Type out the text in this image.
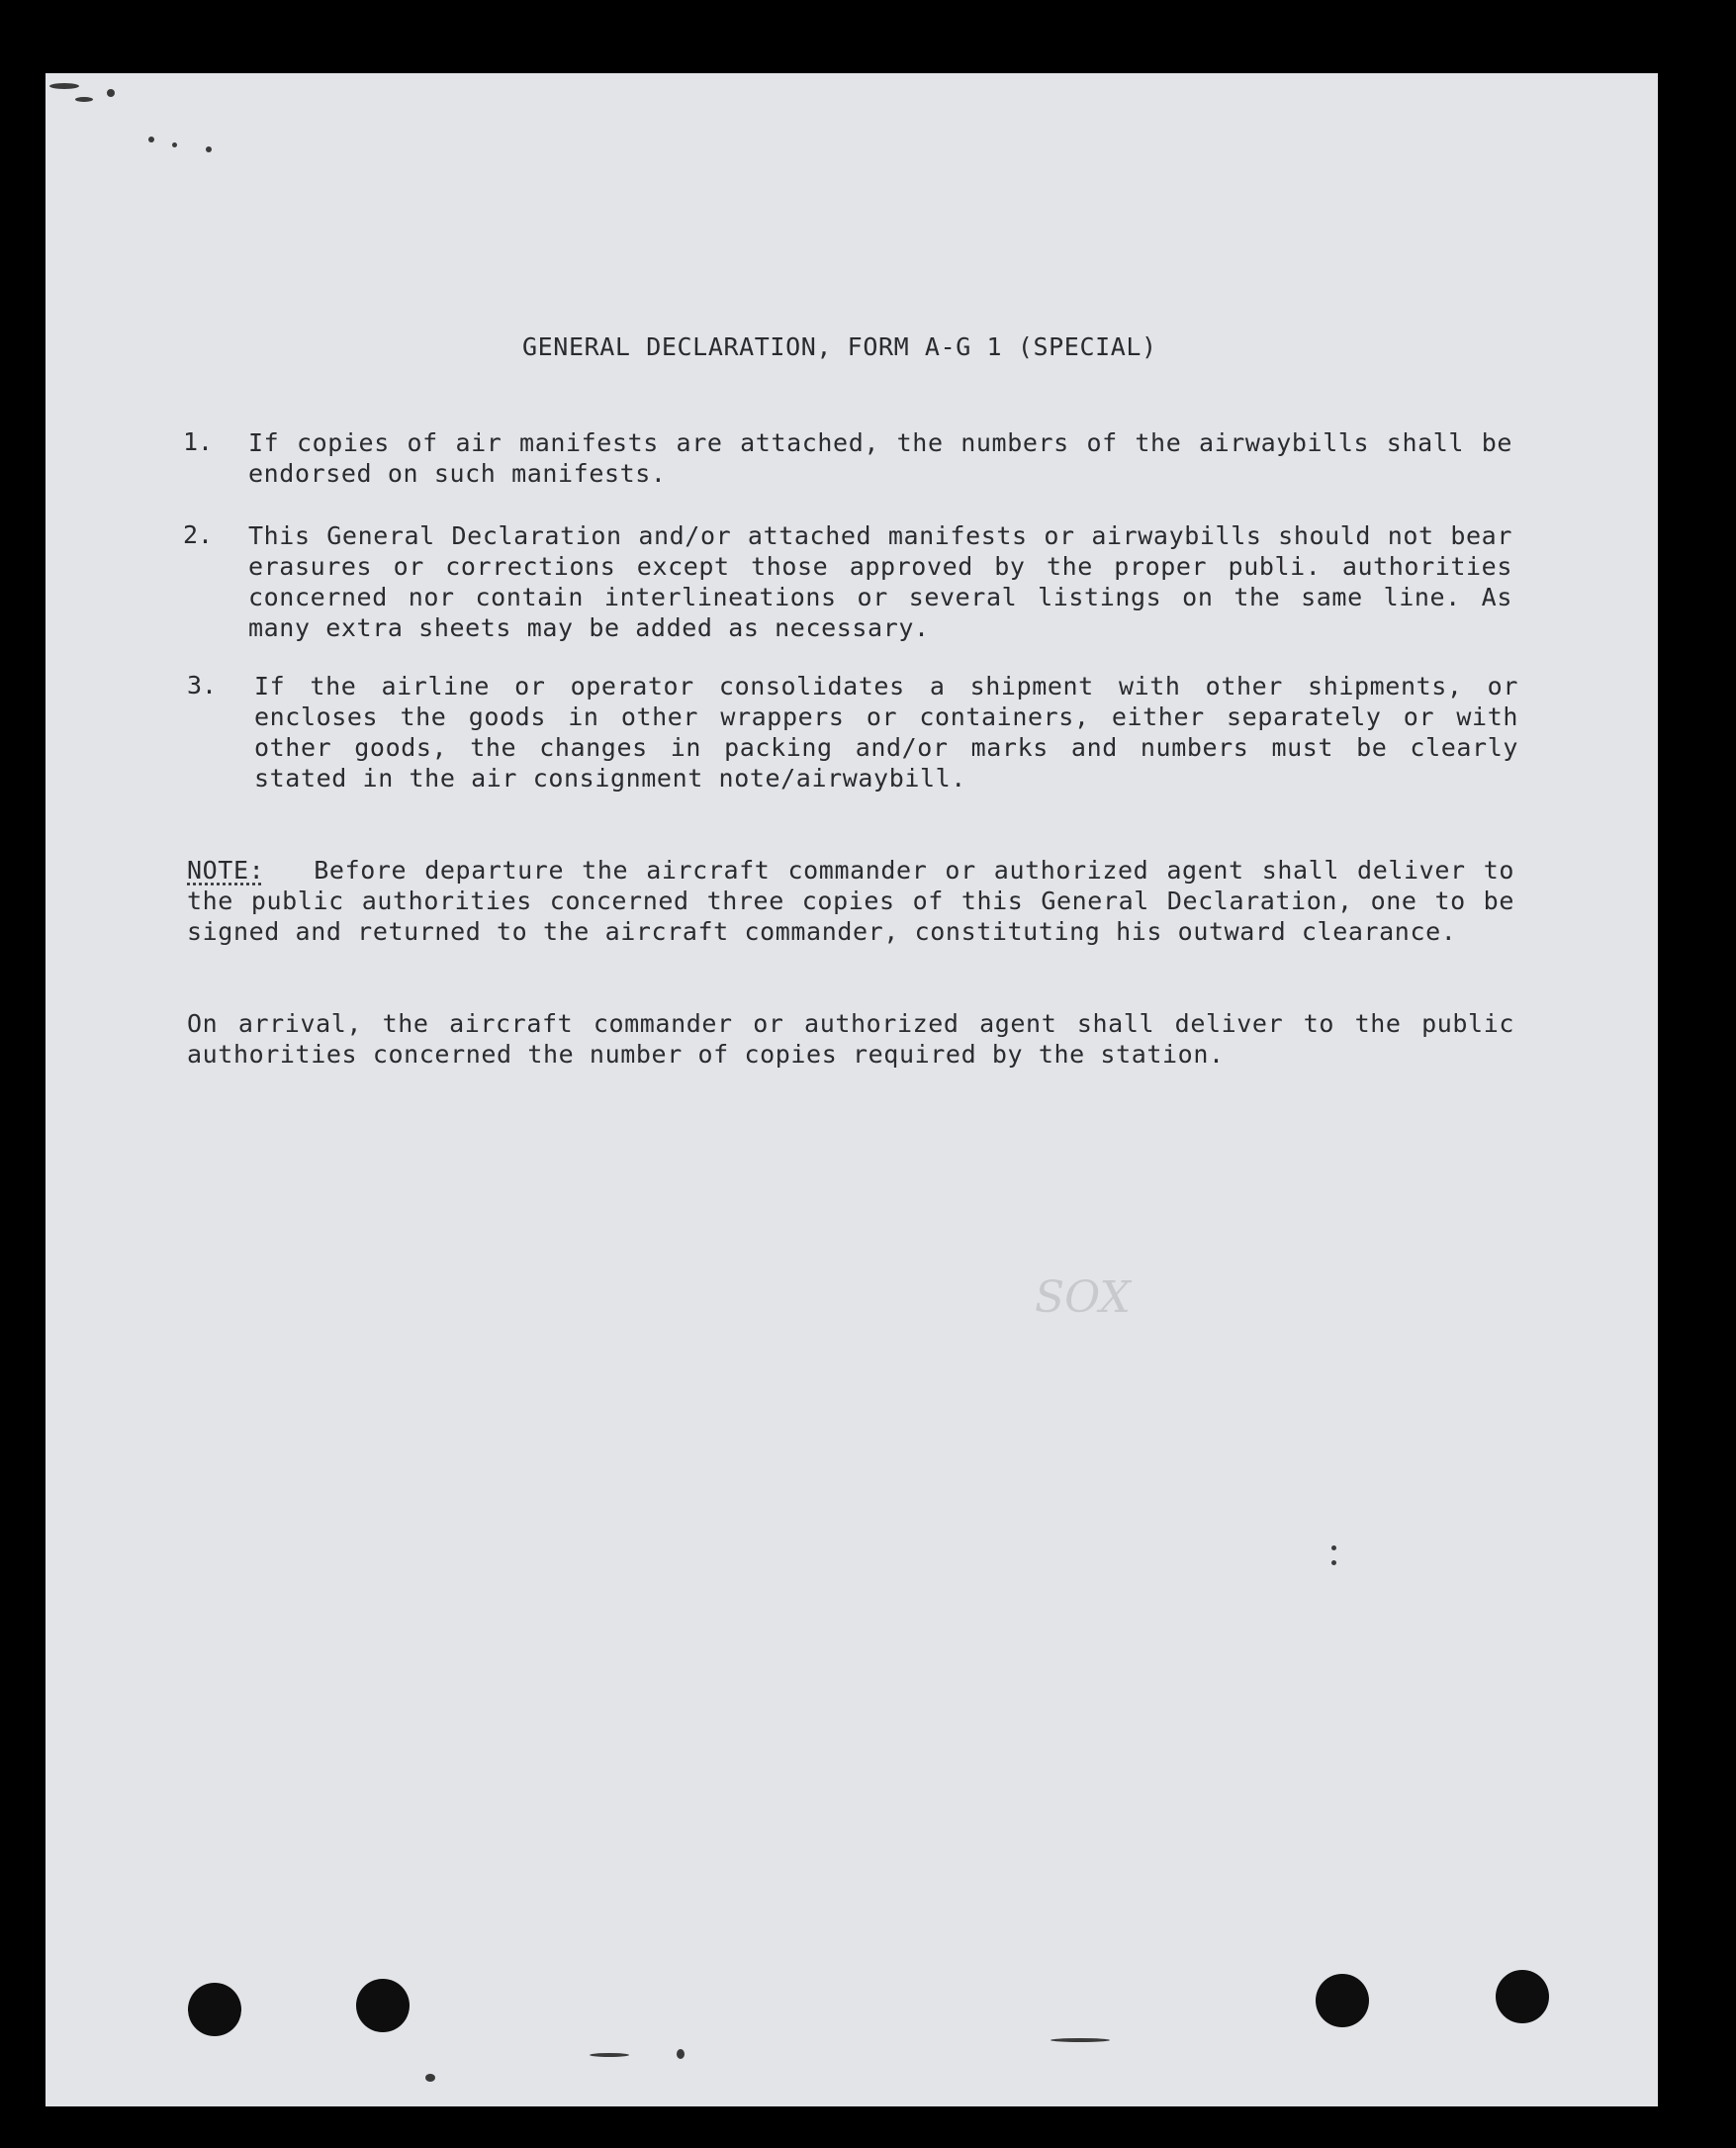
GENERAL DECLARATION, FORM A-G 1 (SPECIAL)
1. If copies of air manifests are attached, the numbers of the airwaybills shall be endorsed on such manifests.
2. This General Declaration and/or attached manifests or airwaybills should not bear erasures or corrections except those approved by the proper publi. authorities concerned nor contain interlineations or several listings on the same line. As many extra sheets may be added as necessary.
3. If the airline or operator consolidates a shipment with other shipments, or encloses the goods in other wrappers or containers, either separately or with other goods, the changes in packing and/or marks and numbers must be clearly stated in the air consignment note/airwaybill.
NOTE: Before departure the aircraft commander or authorized agent shall deliver to the public authorities concerned three copies of this General Declaration, one to be signed and returned to the aircraft commander, constituting his outward clearance.
On arrival, the aircraft commander or authorized agent shall deliver to the public authorities concerned the number of copies required by the station.
SOX
